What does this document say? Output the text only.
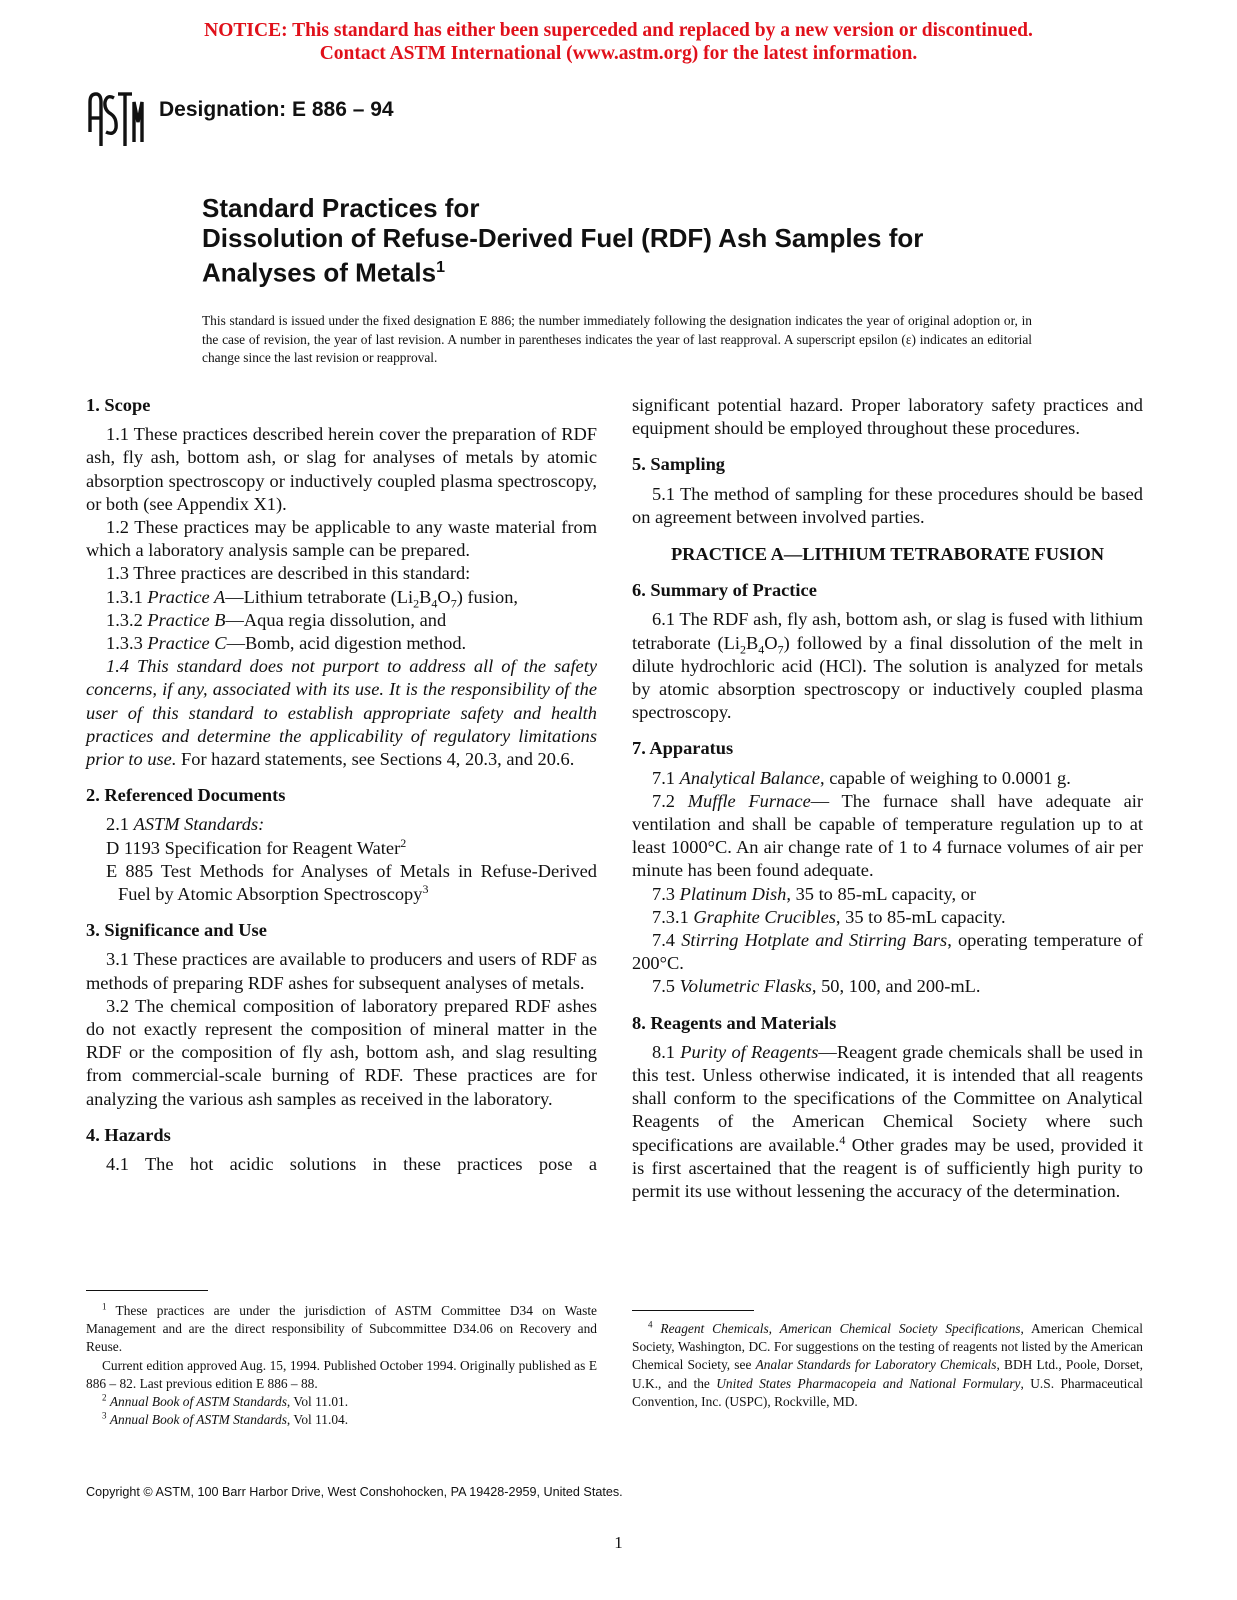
NOTICE: This standard has either been superceded and replaced by a new version or discontinued.
Contact ASTM International (www.astm.org) for the latest information.
ASTM
Designation: E 886 – 94
Standard Practices for
Dissolution of Refuse-Derived Fuel (RDF) Ash Samples for
Analyses of Metals$^1$
This standard is issued under the fixed designation E 886; the number immediately following the designation indicates the year of original adoption or, in the case of revision, the year of last revision. A number in parentheses indicates the year of last reapproval. A superscript epsilon (ε) indicates an editorial change since the last revision or reapproval.

1. Scope

1.1 These practices described herein cover the preparation of RDF ash, fly ash, bottom ash, or slag for analyses of metals by atomic absorption spectroscopy or inductively coupled plasma spectroscopy, or both (see Appendix X1).

1.2 These practices may be applicable to any waste material from which a laboratory analysis sample can be prepared.

1.3 Three practices are described in this standard:

1.3.1 Practice A—Lithium tetraborate $(Li_2B_4O_7)$ fusion,

1.3.2 Practice B—Aqua regia dissolution, and

1.3.3 Practice C—Bomb, acid digestion method.

1.4 This standard does not purport to address all of the safety concerns, if any, associated with its use. It is the responsibility of the user of this standard to establish appropriate safety and health practices and determine the applicability of regulatory limitations prior to use. For hazard statements, see Sections 4, 20.3, and 20.6.

2. Referenced Documents

2.1 ASTM Standards:

D 1193 Specification for Reagent Water$^2$

E 885 Test Methods for Analyses of Metals in Refuse-Derived Fuel by Atomic Absorption Spectroscopy$^3$

3. Significance and Use

3.1 These practices are available to producers and users of RDF as methods of preparing RDF ashes for subsequent analyses of metals.

3.2 The chemical composition of laboratory prepared RDF ashes do not exactly represent the composition of mineral matter in the RDF or the composition of fly ash, bottom ash, and slag resulting from commercial-scale burning of RDF. These practices are for analyzing the various ash samples as received in the laboratory.

4. Hazards

4.1 The hot acidic solutions in these practices pose a

significant potential hazard. Proper laboratory safety practices and equipment should be employed throughout these procedures.

5. Sampling

5.1 The method of sampling for these procedures should be based on agreement between involved parties.

PRACTICE A—LITHIUM TETRABORATE FUSION

6. Summary of Practice

6.1 The RDF ash, fly ash, bottom ash, or slag is fused with lithium tetraborate $(Li_2B_4O_7)$ followed by a final dissolution of the melt in dilute hydrochloric acid (HCl). The solution is analyzed for metals by atomic absorption spectroscopy or inductively coupled plasma spectroscopy.

7. Apparatus

7.1 Analytical Balance, capable of weighing to 0.0001 g.

7.2 Muffle Furnace— The furnace shall have adequate air ventilation and shall be capable of temperature regulation up to at least 1000°C. An air change rate of 1 to 4 furnace volumes of air per minute has been found adequate.

7.3 Platinum Dish, 35 to 85-mL capacity, or

7.3.1 Graphite Crucibles, 35 to 85-mL capacity.

7.4 Stirring Hotplate and Stirring Bars, operating temperature of 200°C.

7.5 Volumetric Flasks, 50, 100, and 200-mL.

8. Reagents and Materials

8.1 Purity of Reagents—Reagent grade chemicals shall be used in this test. Unless otherwise indicated, it is intended that all reagents shall conform to the specifications of the Committee on Analytical Reagents of the American Chemical Society where such specifications are available.$^4$ Other grades may be used, provided it is first ascertained that the reagent is of sufficiently high purity to permit its use without lessening the accuracy of the determination.

$^1$ These practices are under the jurisdiction of ASTM Committee D34 on Waste Management and are the direct responsibility of Subcommittee D34.06 on Recovery and Reuse.

Current edition approved Aug. 15, 1994. Published October 1994. Originally published as E 886 – 82. Last previous edition E 886 – 88.

$^2$ Annual Book of ASTM Standards, Vol 11.01.

$^3$ Annual Book of ASTM Standards, Vol 11.04.

$^4$ Reagent Chemicals, American Chemical Society Specifications, American Chemical Society, Washington, DC. For suggestions on the testing of reagents not listed by the American Chemical Society, see Analar Standards for Laboratory Chemicals, BDH Ltd., Poole, Dorset, U.K., and the United States Pharmacopeia and National Formulary, U.S. Pharmaceutical Convention, Inc. (USPC), Rockville, MD.

Copyright © ASTM, 100 Barr Harbor Drive, West Conshohocken, PA 19428-2959, United States.
1
